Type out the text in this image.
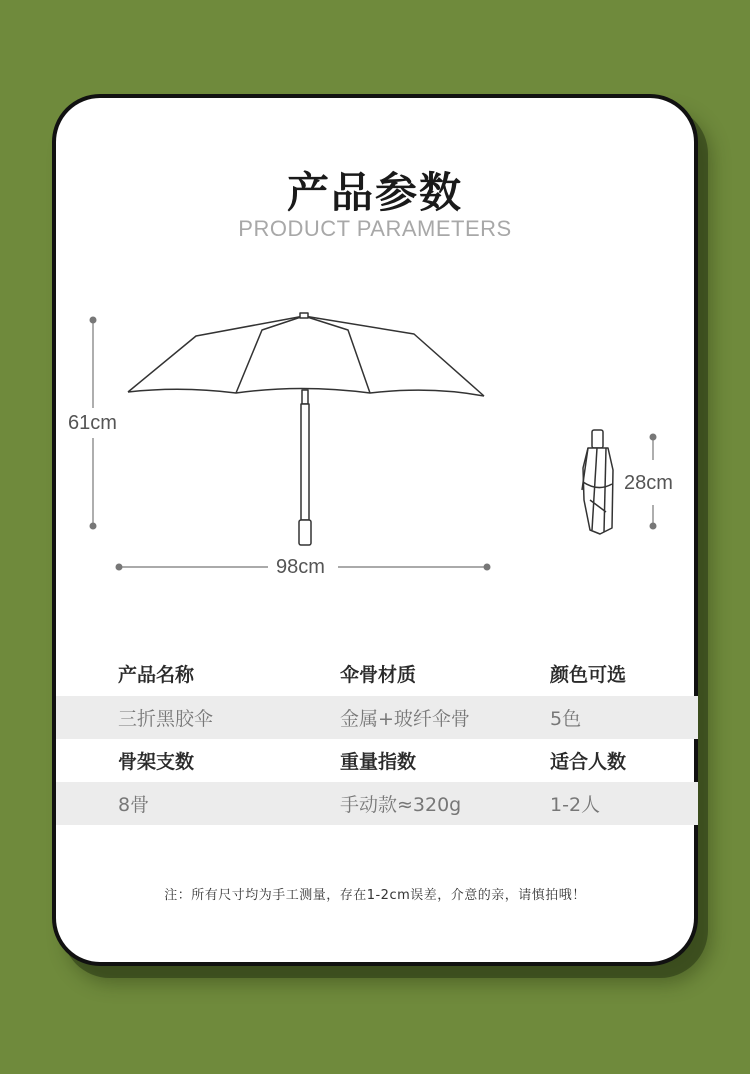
产品参数
PRODUCT PARAMETERS
61cm
98cm
28cm
产品名称	伞骨材质	颜色可选
三折黑胶伞	金属+玻纤伞骨	5色
骨架支数	重量指数	适合人数
8骨	手动款≈320g	1-2人
注：所有尺寸均为手工测量，存在1-2cm误差，介意的亲，请慎拍哦！
